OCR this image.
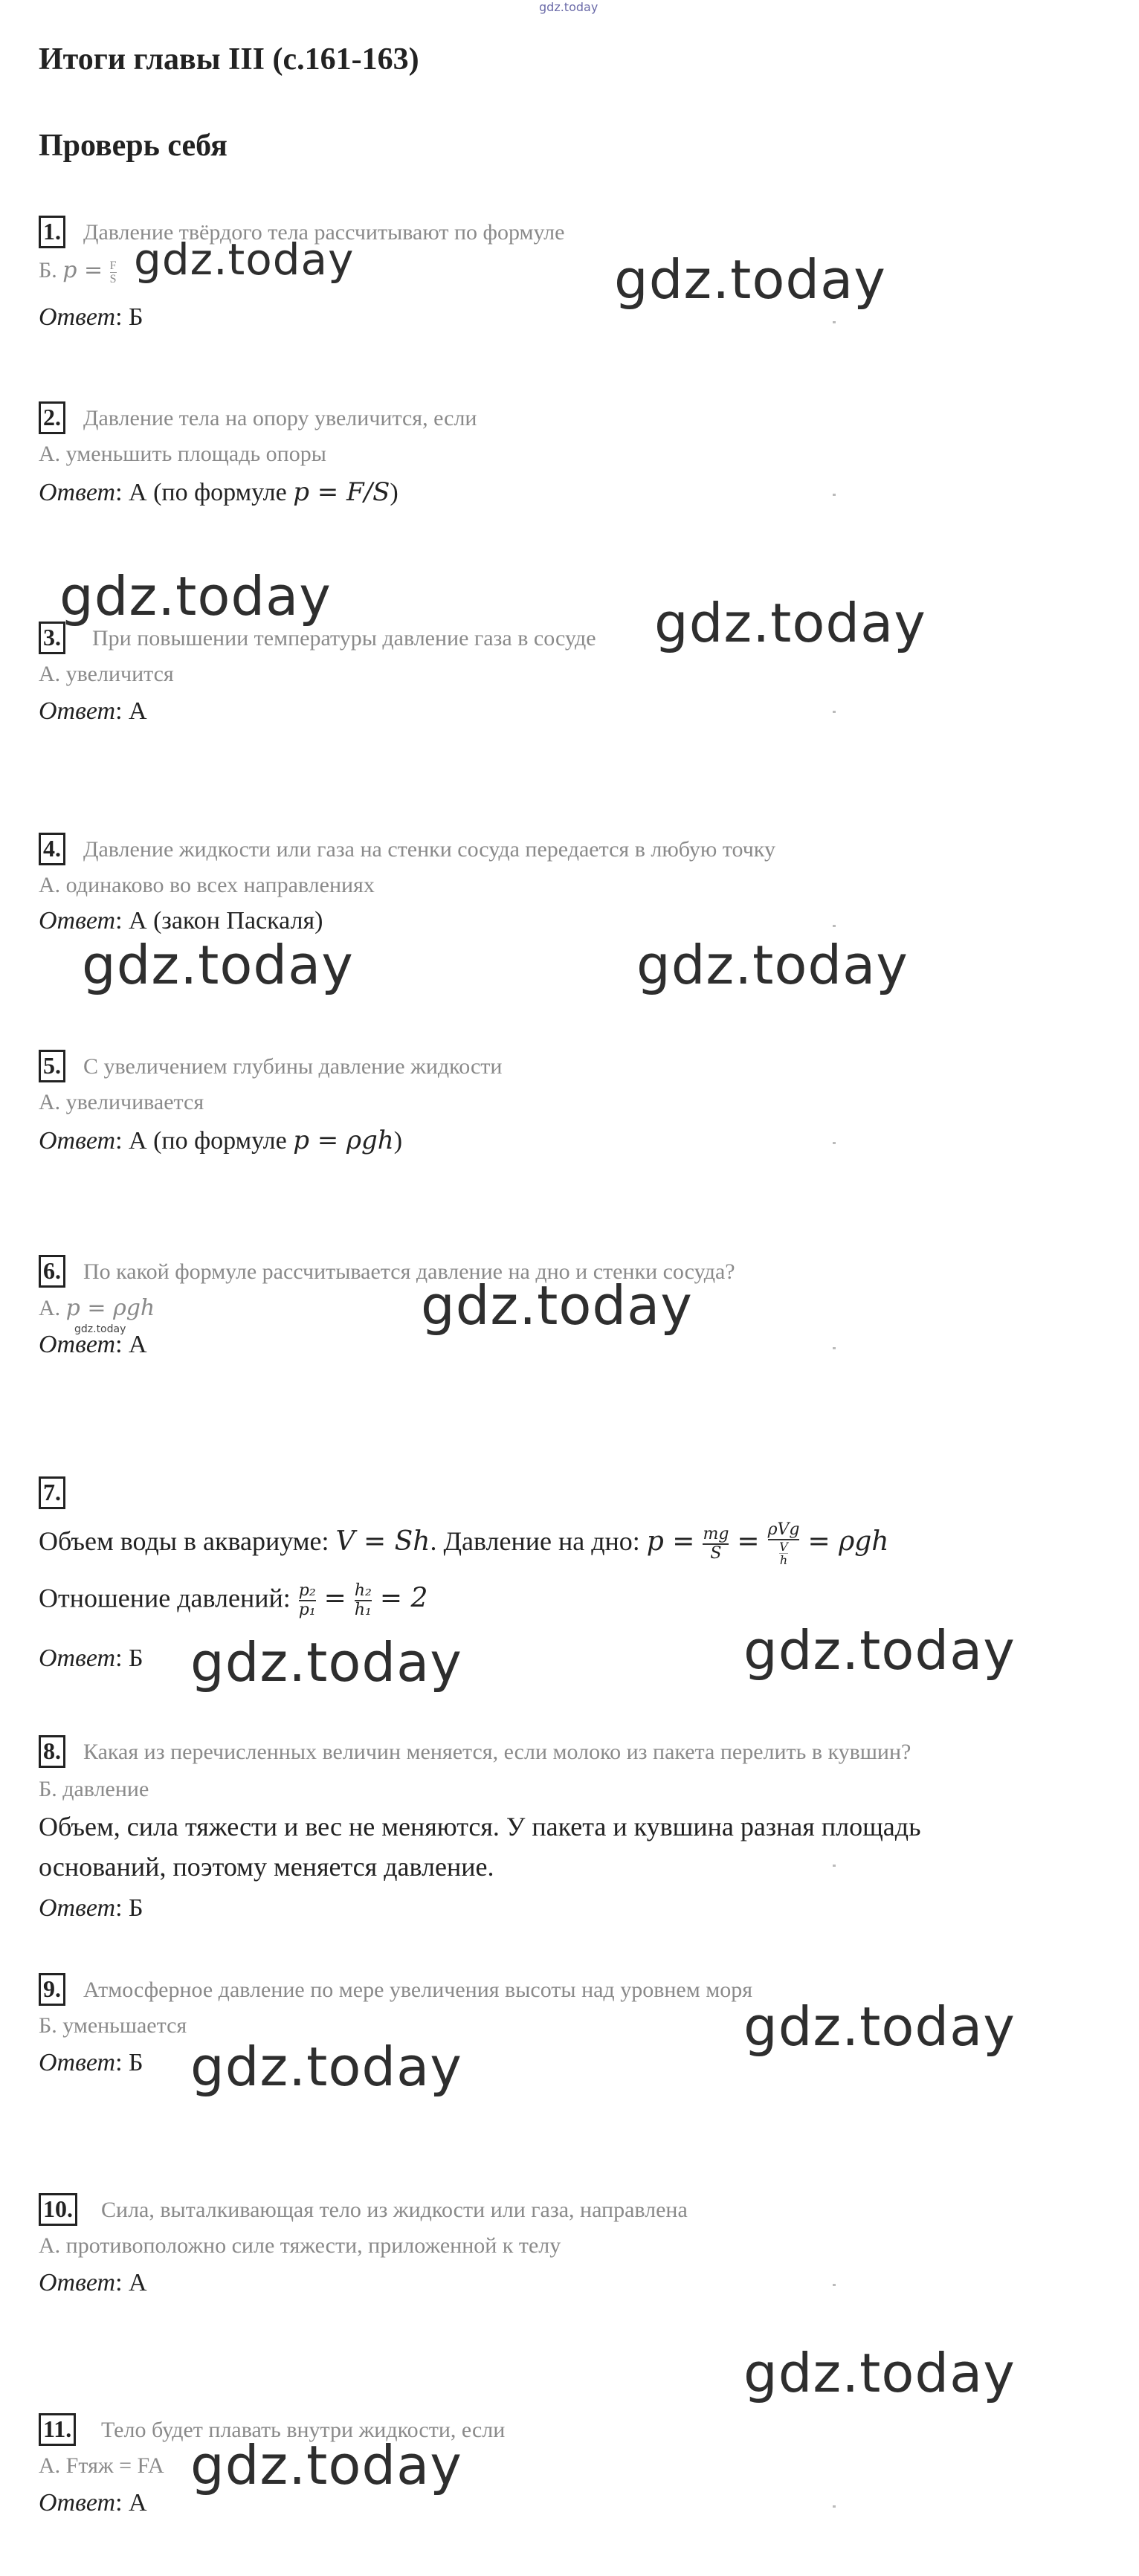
gdz.today
Итоги главы III (с.161-163)
Проверь себя
1. Давление твёрдого тела рассчитывают по формуле
Б. $p = \frac{F}{S}$
Ответ: Б
2. Давление тела на опору увеличится, если
А. уменьшить площадь опоры
Ответ: А (по формуле p = F/S)
3. При повышении температуры давление газа в сосуде
А. увеличится
Ответ: А
4. Давление жидкости или газа на стенки сосуда передается в любую точку
А. одинаково во всех направлениях
Ответ: А (закон Паскаля)
5. С увеличением глубины давление жидкости
А. увеличивается
Ответ: А (по формуле p = ρgh)
6. По какой формуле рассчитывается давление на дно и стенки сосуда?
А. p = ρgh
gdz.today
Ответ: А
7.
Объем воды в аквариуме: V = Sh. Давление на дно: $p = \frac{mg}{S} = \frac{\text{ρVg}}{\frac{V}{h}} = \rho gh$
Отношение давлений: $\frac{\text{p₂}}{\text{p₁}} = \frac{\text{h₂}}{\text{h₁}} = 2$
Ответ: Б
8. Какая из перечисленных величин меняется, если молоко из пакета перелить в кувшин?
Б. давление
Объем, сила тяжести и вес не меняются. У пакета и кувшина разная площадь
оснований, поэтому меняется давление.
Ответ: Б
9. Атмосферное давление по мере увеличения высоты над уровнем моря
Б. уменьшается
Ответ: Б
10. Сила, выталкивающая тело из жидкости или газа, направлена
А. противоположно силе тяжести, приложенной к телу
Ответ: А
11. Тело будет плавать внутри жидкости, если
А. Fтяж = FA
Ответ: А
gdz.today	gdz.today
gdz.today	gdz.today
gdz.today	gdz.today
gdz.today
gdz.today	gdz.today
gdz.today
gdz.today
gdz.today
gdz.today
